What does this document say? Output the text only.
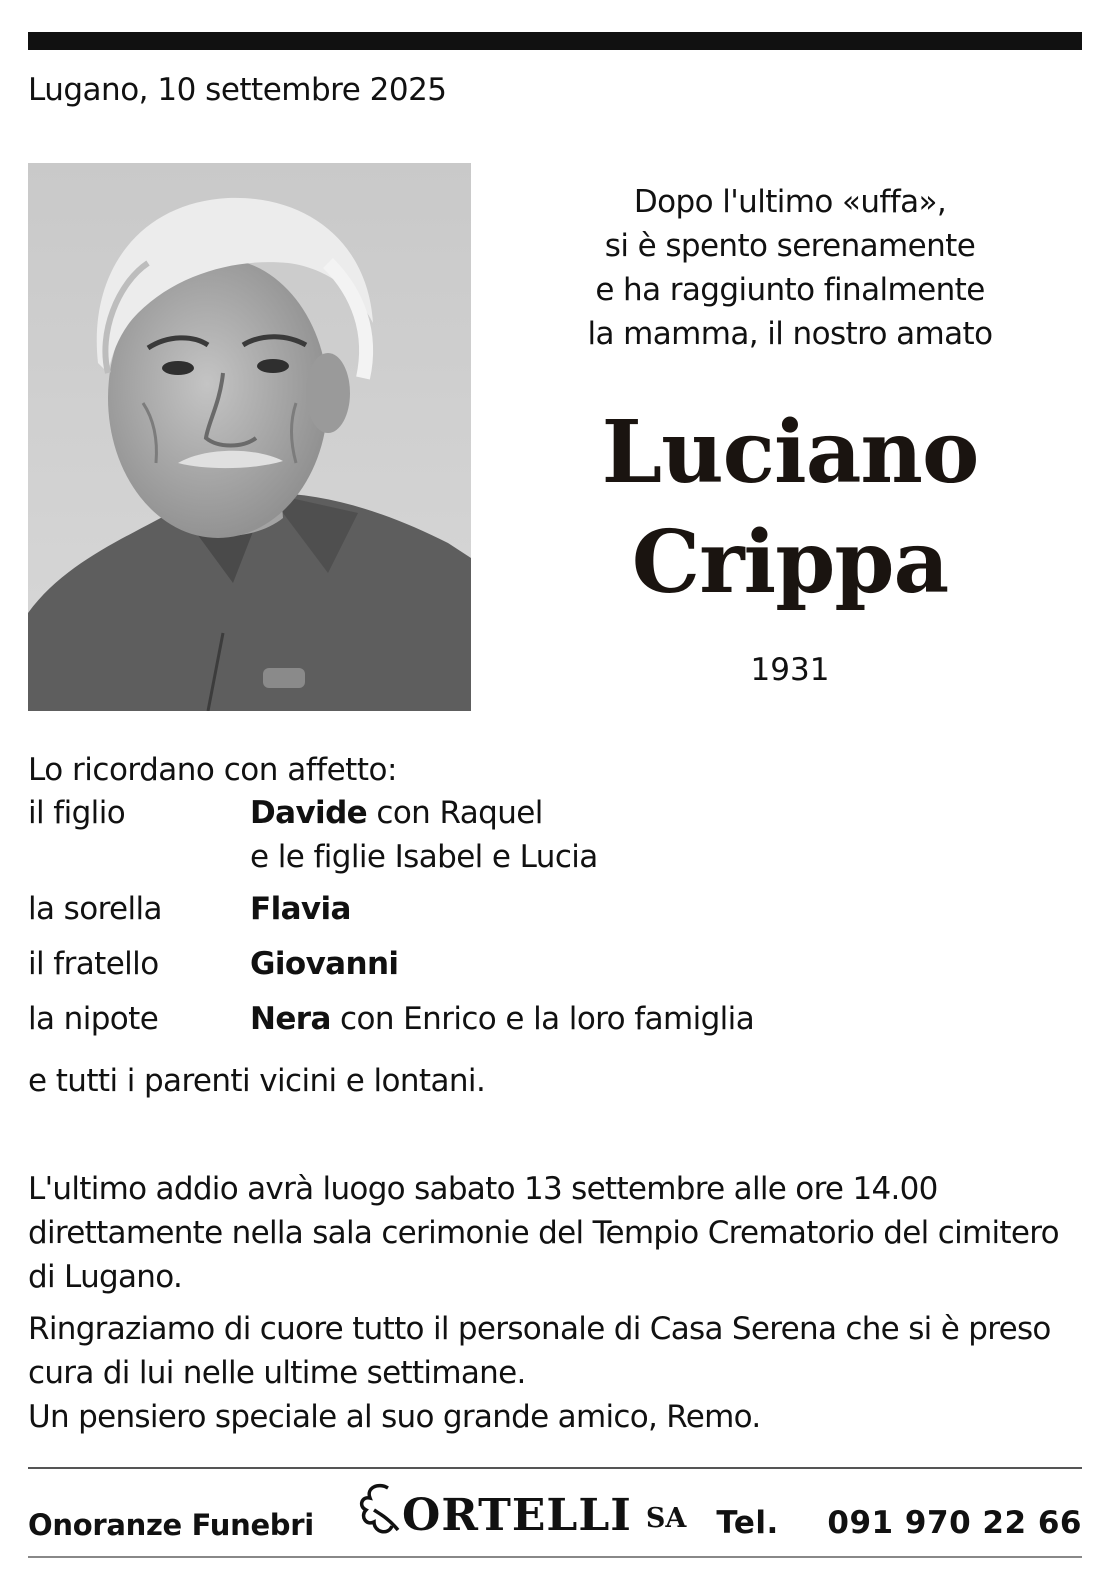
Lugano, 10 settembre 2025
Dopo l'ultimo «uffa»,
si è spento serenamente
e ha raggiunto finalmente
la mamma, il nostro amato
Luciano
Crippa
1931
Lo ricordano con affetto:
il figlio	Davide con Raquel
e le figlie Isabel e Lucia
la sorella	Flavia
il fratello	Giovanni
la nipote	Nera con Enrico e la loro famiglia
e tutti i parenti vicini e lontani.
L'ultimo addio avrà luogo sabato 13 settembre alle ore 14.00
direttamente nella sala cerimonie del Tempio Crematorio del cimitero
di Lugano.
Ringraziamo di cuore tutto il personale di Casa Serena che si è preso
cura di lui nelle ultime settimane.
Un pensiero speciale al suo grande amico, Remo.
Onoranze Funebri ORTELLI SA Tel. 091 970 22 66
